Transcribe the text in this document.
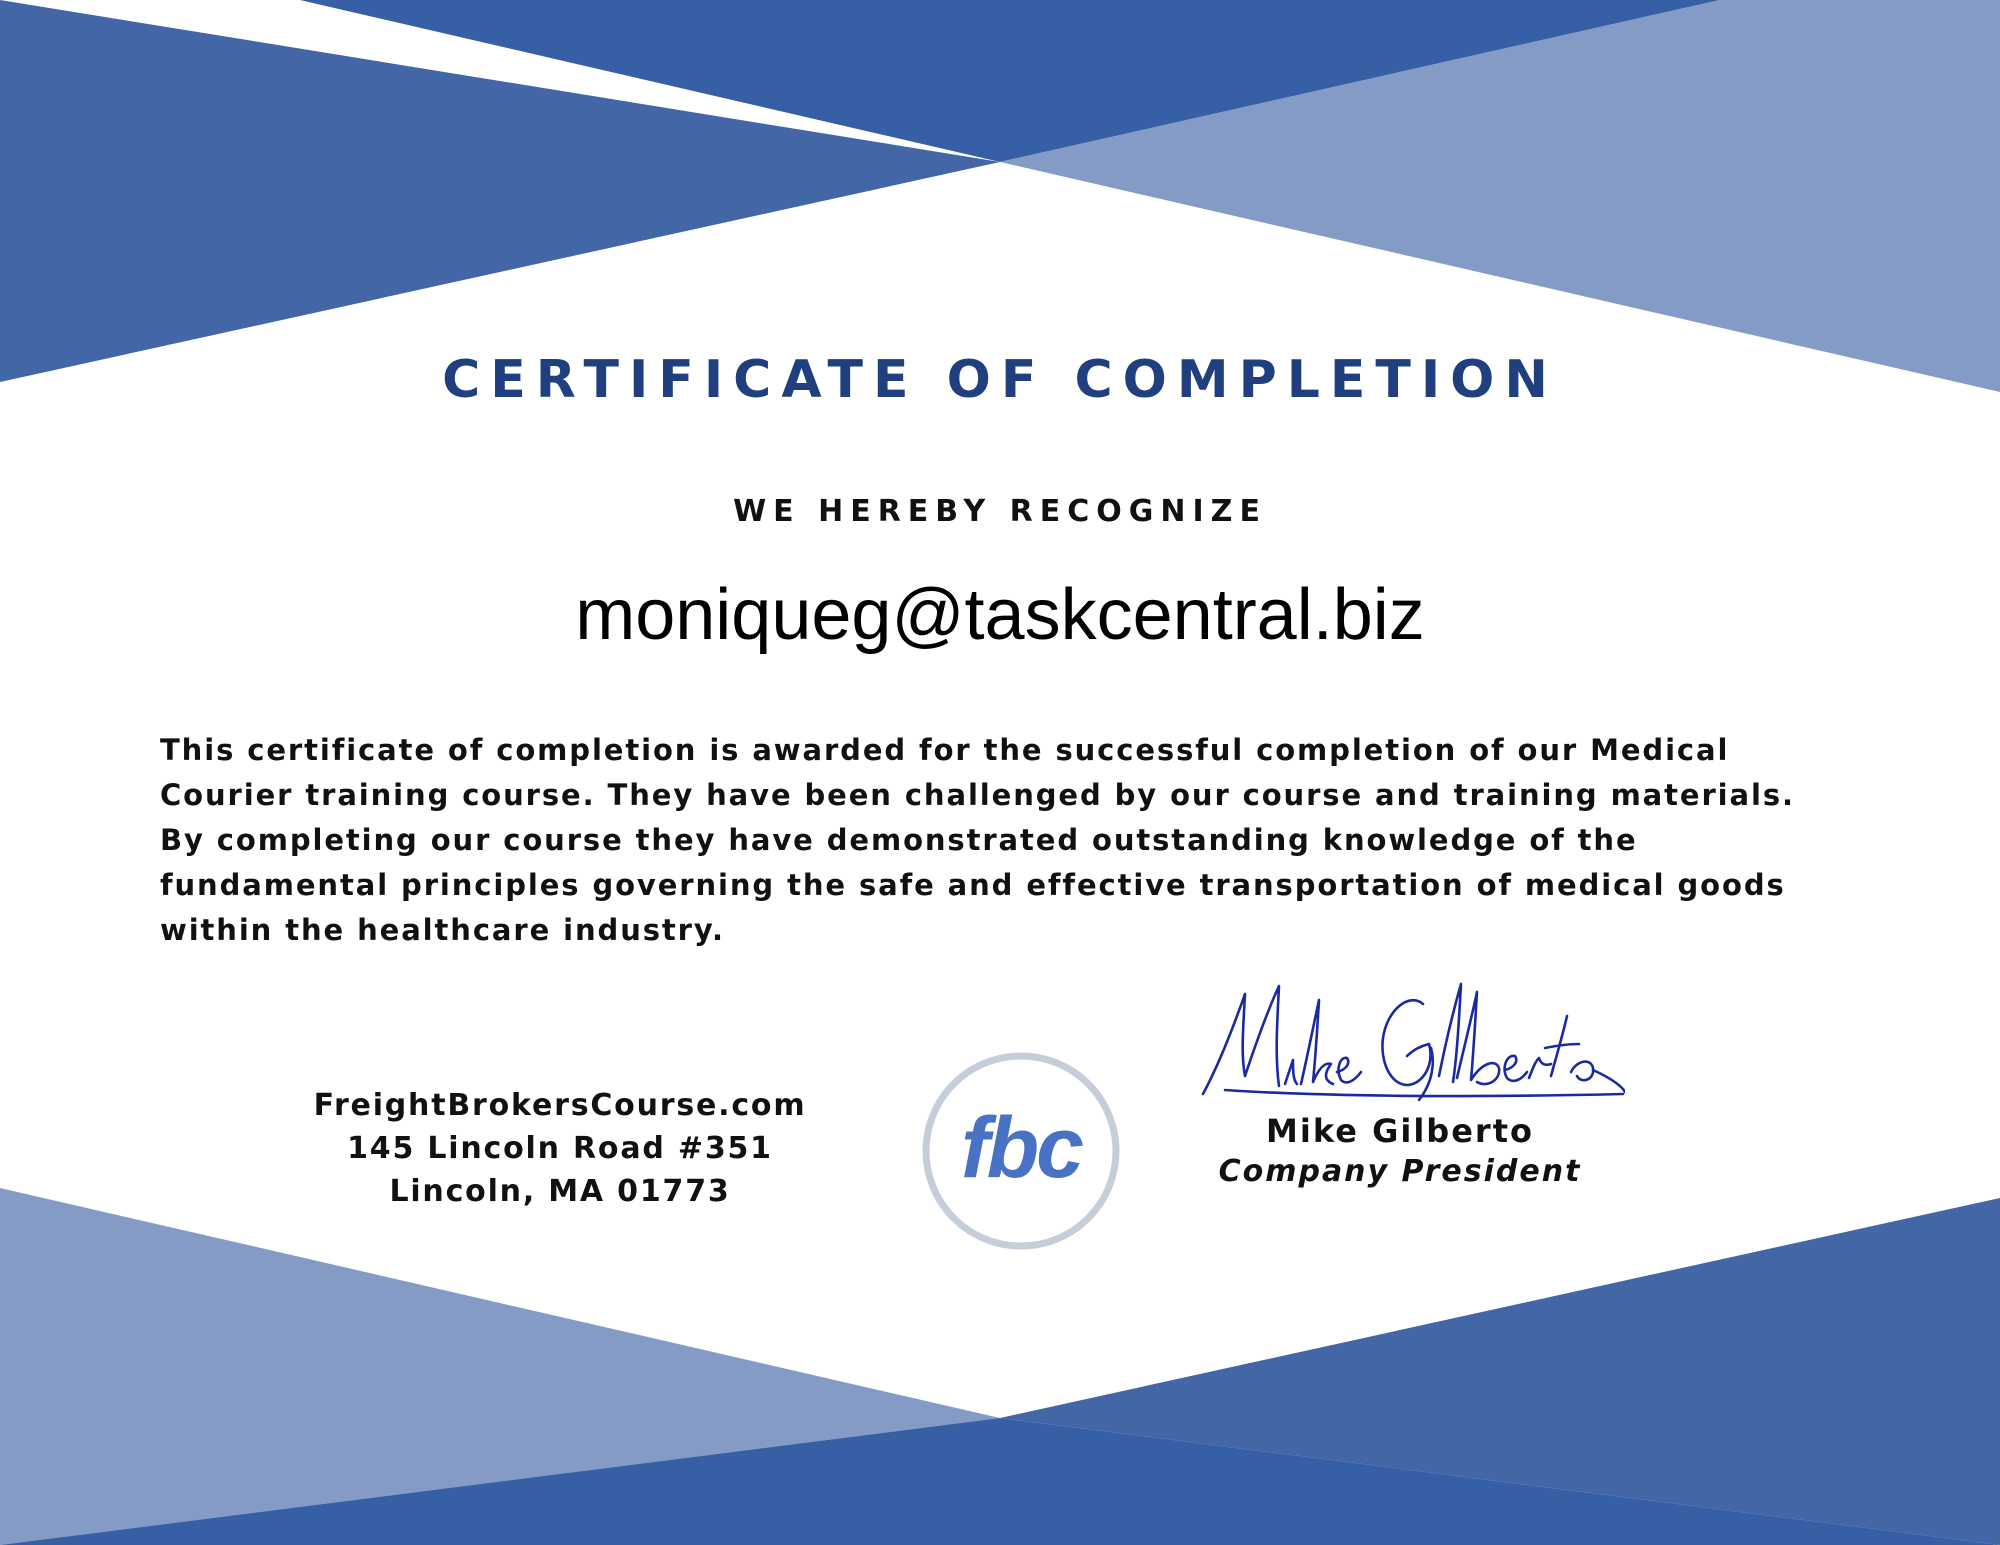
CERTIFICATE OF COMPLETION
WE HEREBY RECOGNIZE
moniqueg@taskcentral.biz

This certificate of completion is awarded for the successful completion of our Medical Courier training course. They have been challenged by our course and training materials. By completing our course they have demonstrated outstanding knowledge of the fundamental principles governing the safe and effective transportation of medical goods within the healthcare industry.

FreightBrokersCourse.com
145 Lincoln Road #351
Lincoln, MA 01773	fbc	Mike Gilberto
Company President
